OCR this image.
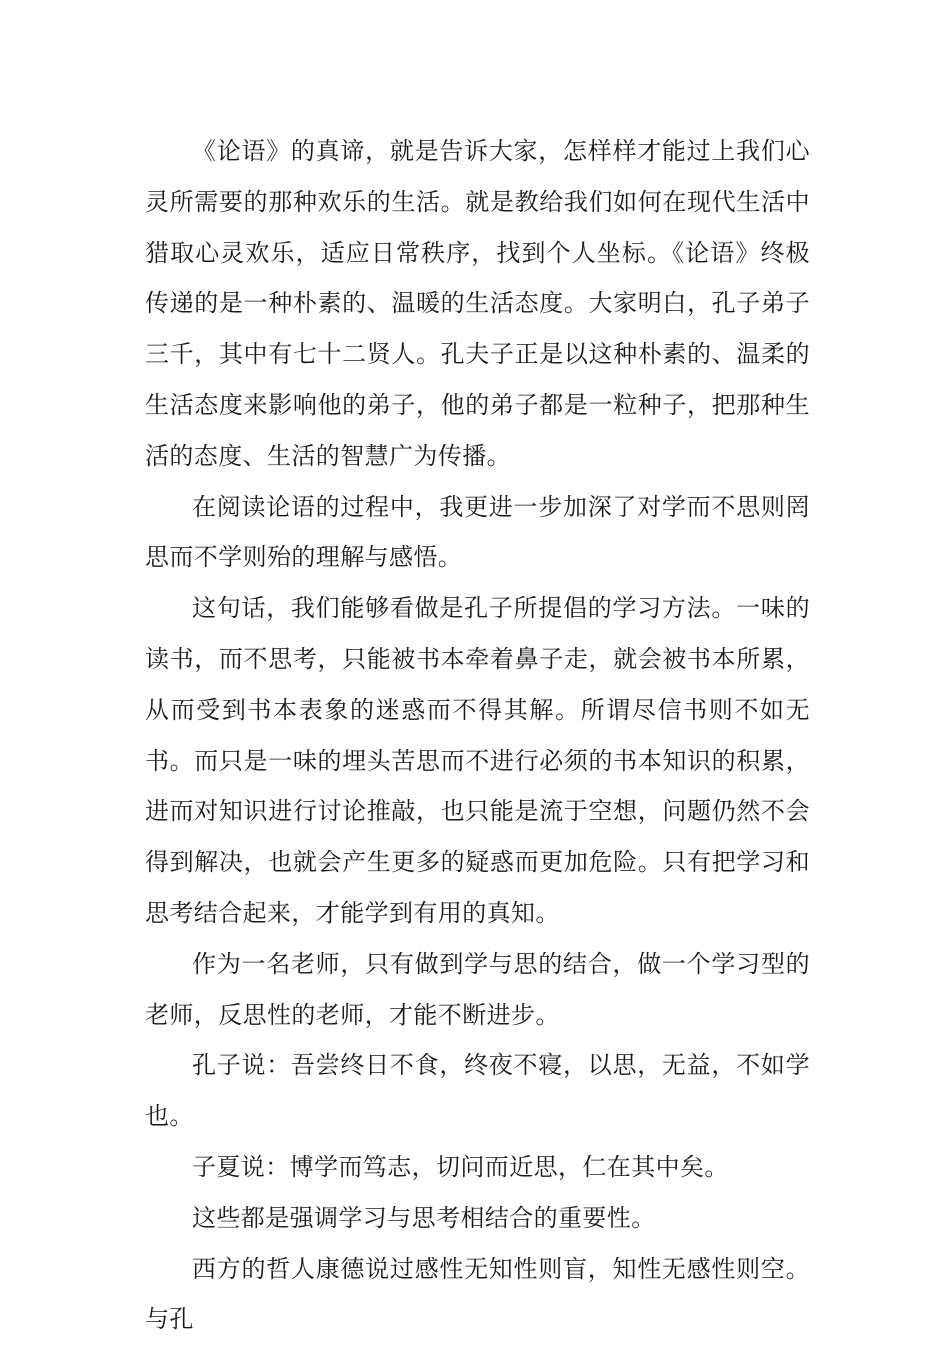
《论语》的真谛，就是告诉大家，怎样样才能过上我们心灵所需要的那种欢乐的生活。就是教给我们如何在现代生活中猎取心灵欢乐，适应日常秩序，找到个人坐标。《论语》终极传递的是一种朴素的、温暖的生活态度。大家明白，孔子弟子三千，其中有七十二贤人。孔夫子正是以这种朴素的、温柔的生活态度来影响他的弟子，他的弟子都是一粒种子，把那种生活的态度、生活的智慧广为传播。

在阅读论语的过程中，我更进一步加深了对学而不思则罔思而不学则殆的理解与感悟。

这句话，我们能够看做是孔子所提倡的学习方法。一味的读书，而不思考，只能被书本牵着鼻子走，就会被书本所累，从而受到书本表象的迷惑而不得其解。所谓尽信书则不如无书。而只是一味的埋头苦思而不进行必须的书本知识的积累，进而对知识进行讨论推敲，也只能是流于空想，问题仍然不会得到解决，也就会产生更多的疑惑而更加危险。只有把学习和思考结合起来，才能学到有用的真知。

作为一名老师，只有做到学与思的结合，做一个学习型的老师，反思性的老师，才能不断进步。

孔子说：吾尝终日不食，终夜不寝，以思，无益，不如学也。

子夏说：博学而笃志，切问而近思，仁在其中矣。

这些都是强调学习与思考相结合的重要性。

西方的哲人康德说过感性无知性则盲，知性无感性则空。与孔
